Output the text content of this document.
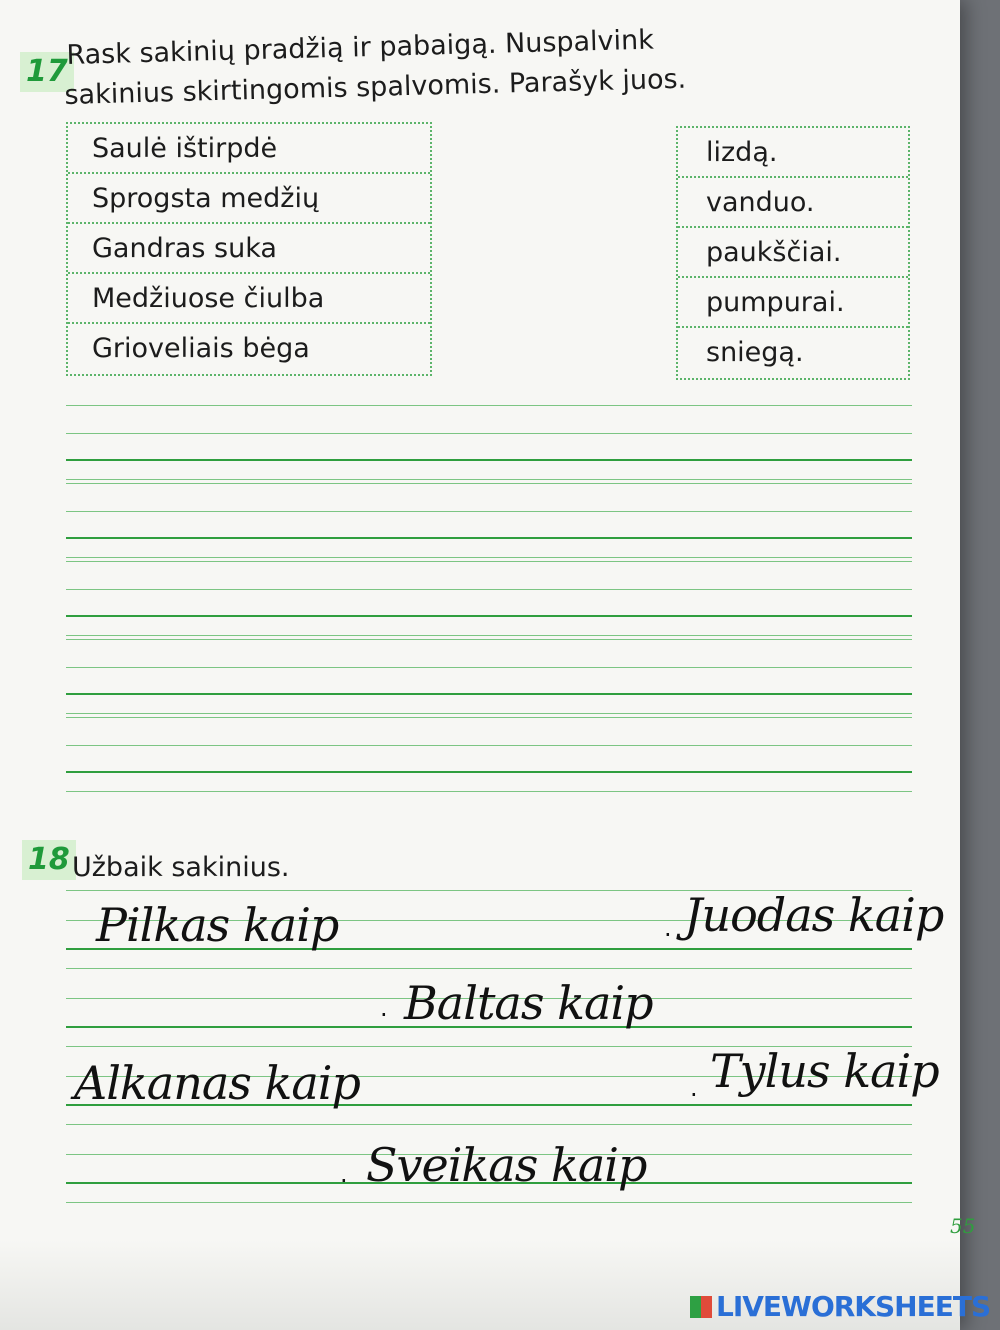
17
Rask sakinių pradžią ir pabaigą. Nuspalvink
sakinius skirtingomis spalvomis. Parašyk juos.
Saulė ištirpdė
Sprogsta medžių
Gandras suka
Medžiuose čiulba
Grioveliais bėga
lizdą.
vanduo.
paukščiai.
pumpurai.
sniegą.
18 Užbaik sakinius.
Pilkas kaip	. Juodas kaip
. Baltas kaip
Alkanas kaip	. Tylus kaip
. Sveikas kaip
55
LIVEWORKSHEETS
